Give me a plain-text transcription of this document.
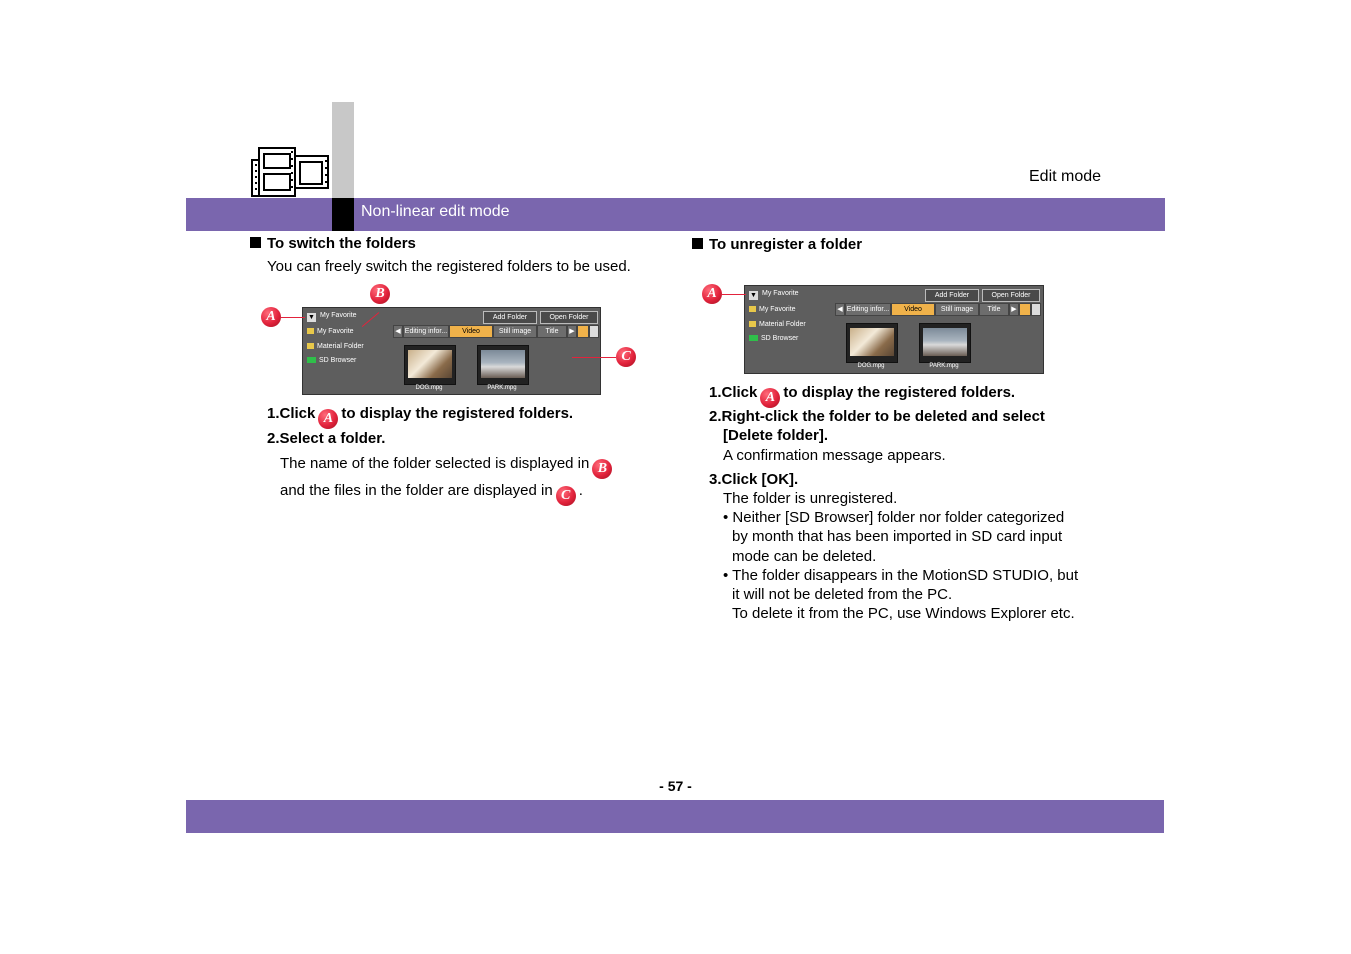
Edit mode
Non-linear edit mode
To switch the folders
You can freely switch the registered folders to be used.
▼ My Favorite
My Favorite
Material Folder
SD Browser
Add Folder	Open Folder
◀ Editing infor...	Video	Still image	Title	▶
DOG.mpg	PARK.mpg
A
B
C
1.Click A to display the registered folders.
2.Select a folder.
The name of the folder selected is displayed in B
and the files in the folder are displayed in C .
To unregister a folder
▼ My Favorite
My Favorite
Material Folder
SD Browser
Add Folder	Open Folder
◀ Editing infor...	Video	Still image	Title	▶
DOG.mpg	PARK.mpg
A
1.Click A to display the registered folders.
2.Right-click the folder to be deleted and select
[Delete folder].
A confirmation message appears.
3.Click [OK].
The folder is unregistered.
• Neither [SD Browser] folder nor folder categorized
by month that has been imported in SD card input
mode can be deleted.
• The folder disappears in the MotionSD STUDIO, but
it will not be deleted from the PC.
To delete it from the PC, use Windows Explorer etc.
- 57 -
